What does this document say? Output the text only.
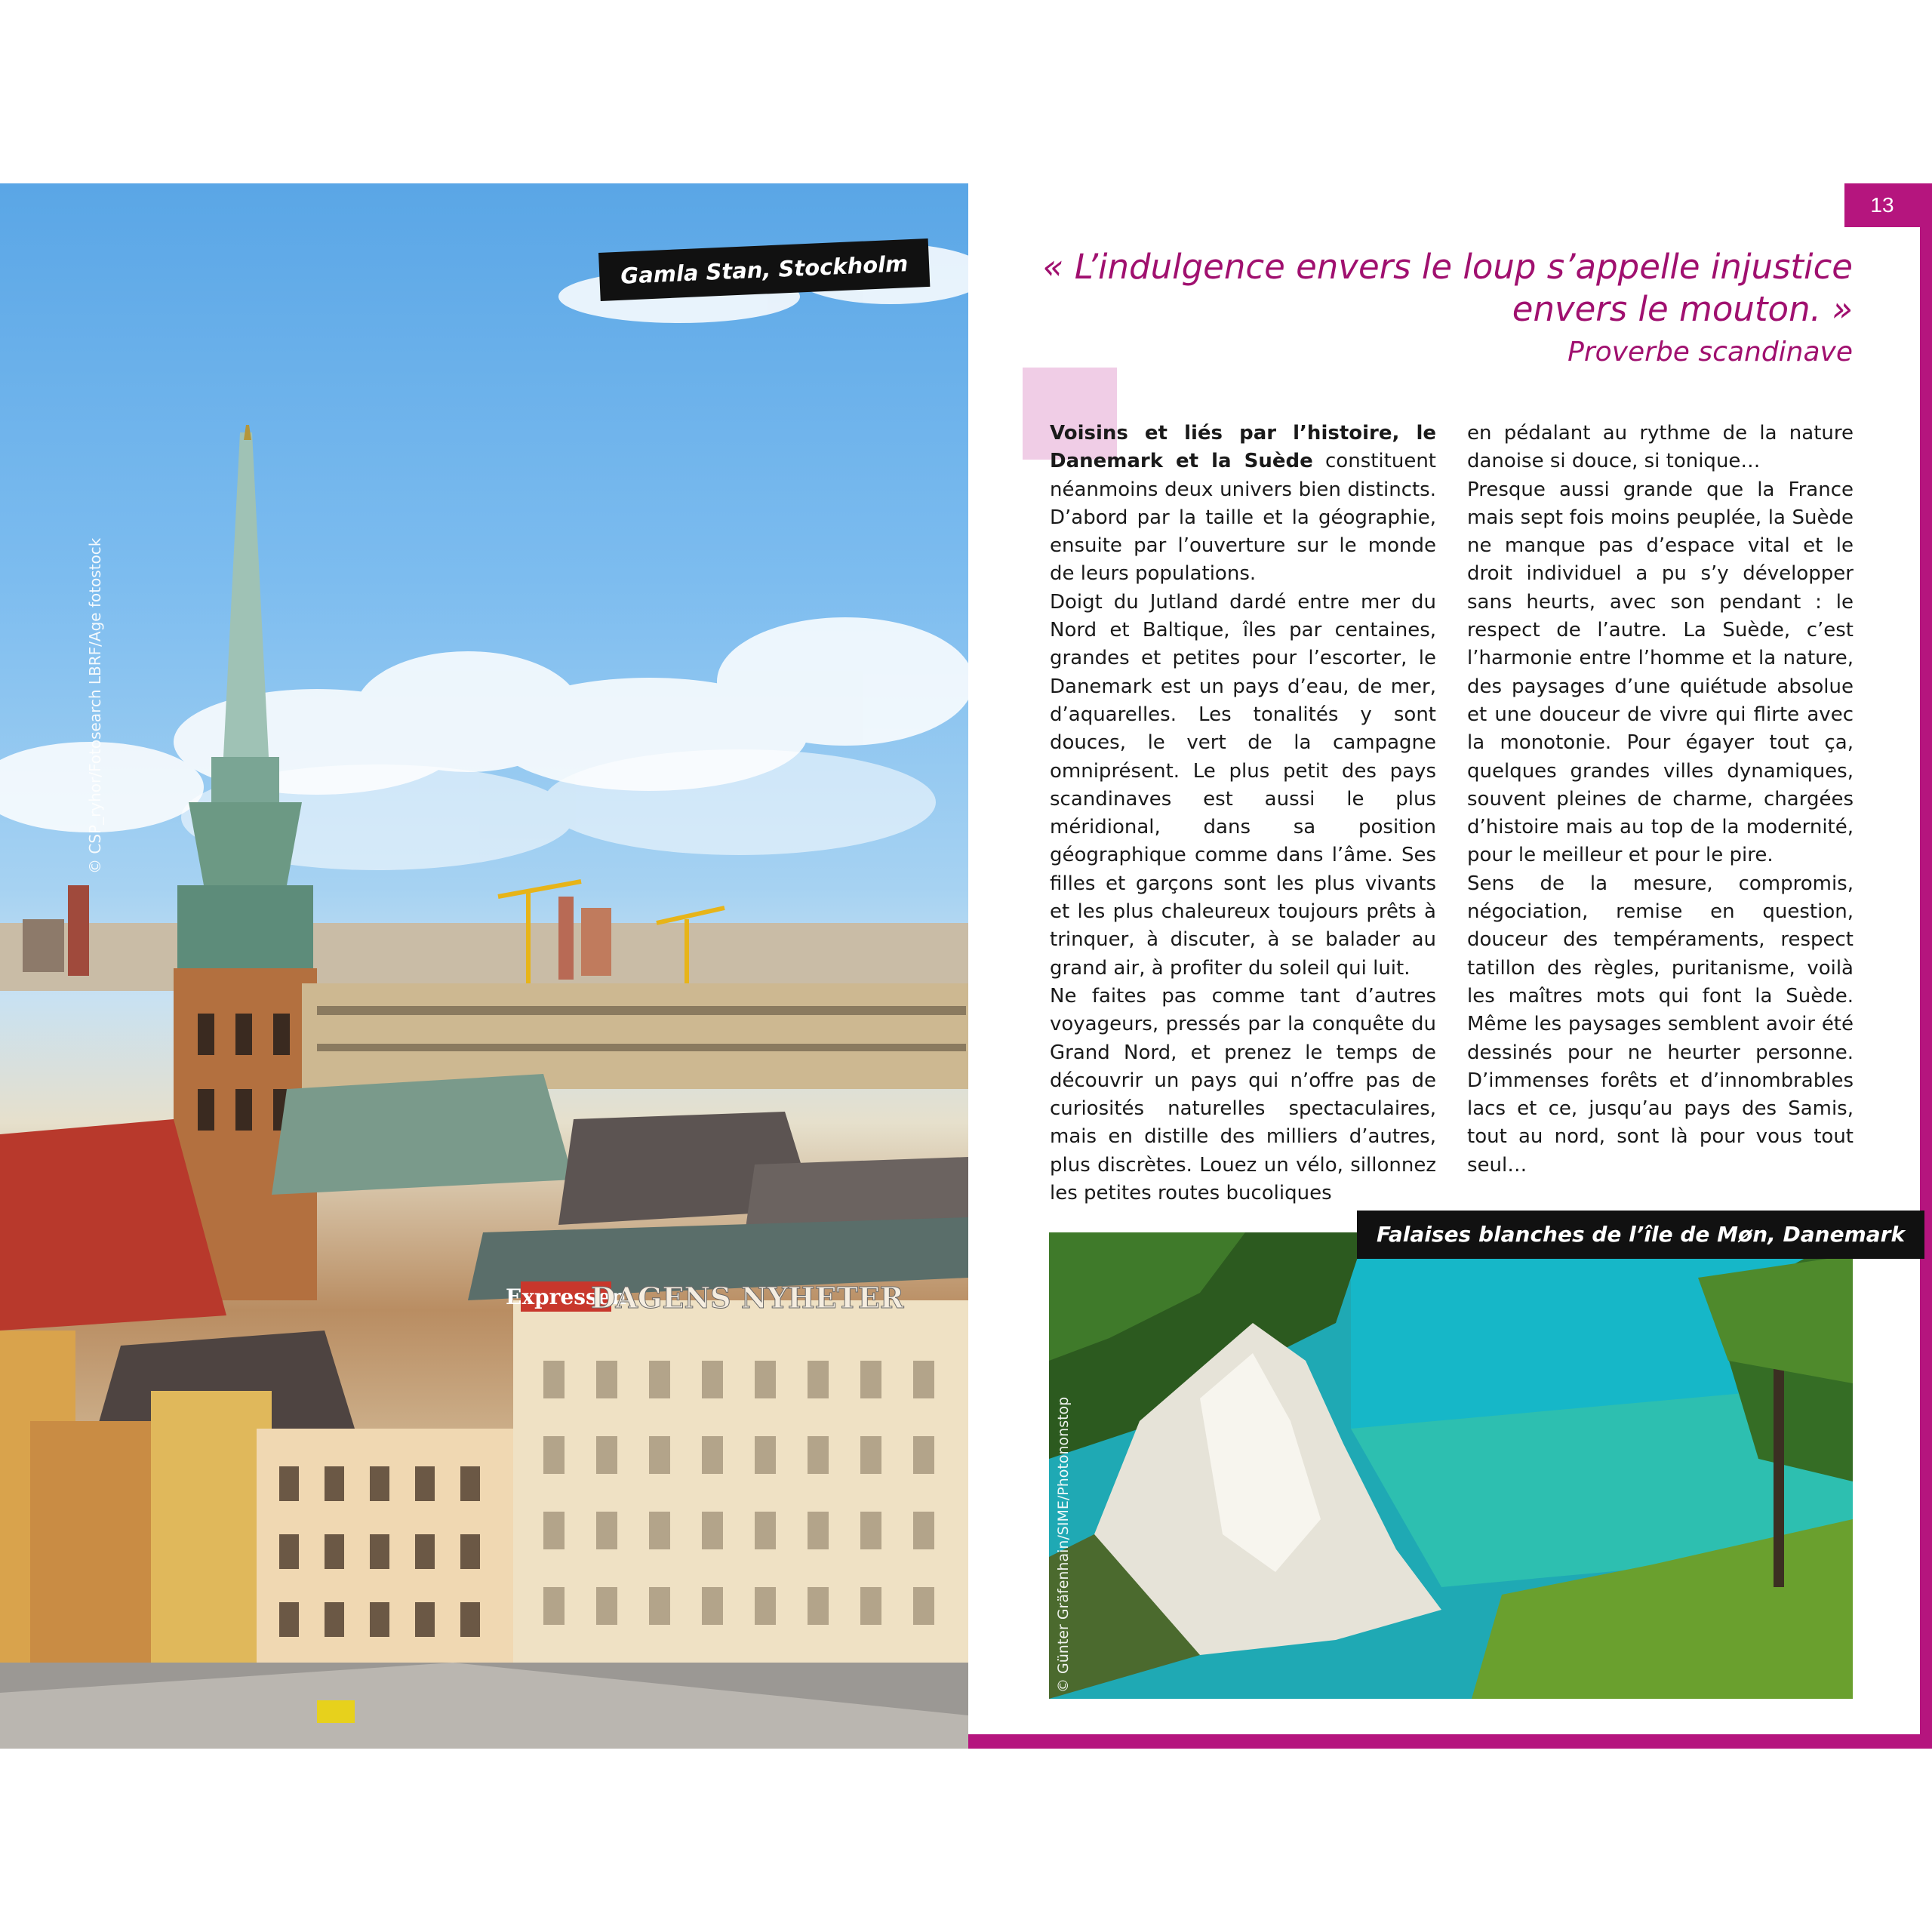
Expressen
DAGENS NYHETER
© CSP_ryhor/Fotosearch LBRF/Age fotostock
Gamla Stan, Stockholm
13
« L’indulgence envers le loup s’appelle injustice envers le mouton. »
Proverbe scandinave

Voisins et liés par l’histoire, le Danemark et la Suède constituent néanmoins deux univers bien distincts. D’abord par la taille et la géographie, ensuite par l’ouverture sur le monde de leurs populations.

Doigt du Jutland dardé entre mer du Nord et Baltique, îles par centaines, grandes et petites pour l’escorter, le Danemark est un pays d’eau, de mer, d’aquarelles. Les tonalités y sont douces, le vert de la campagne omniprésent. Le plus petit des pays scandinaves est aussi le plus méridional, dans sa position géographique comme dans l’âme. Ses filles et garçons sont les plus vivants et les plus chaleureux toujours prêts à trinquer, à discuter, à se balader au grand air, à profiter du soleil qui luit.

Ne faites pas comme tant d’autres voyageurs, pressés par la conquête du Grand Nord, et prenez le temps de découvrir un pays qui n’offre pas de curiosités naturelles spectaculaires, mais en distille des milliers d’autres, plus discrètes. Louez un vélo, sillonnez les petites routes bucoliques

en pédalant au rythme de la nature danoise si douce, si tonique…

Presque aussi grande que la France mais sept fois moins peuplée, la Suède ne manque pas d’espace vital et le droit individuel a pu s’y développer sans heurts, avec son pendant : le respect de l’autre. La Suède, c’est l’harmonie entre l’homme et la nature, des paysages d’une quiétude absolue et une douceur de vivre qui flirte avec la monotonie. Pour égayer tout ça, quelques grandes villes dynamiques, souvent pleines de charme, chargées d’histoire mais au top de la modernité, pour le meilleur et pour le pire.

Sens de la mesure, compromis, négociation, remise en question, douceur des tempéraments, respect tatillon des règles, puritanisme, voilà les maîtres mots qui font la Suède. Même les paysages semblent avoir été dessinés pour ne heurter personne. D’immenses forêts et d’innombrables lacs et ce, jusqu’au pays des Samis, tout au nord, sont là pour vous tout seul…

© Günter Gräfenhain/SIME/Photononstop
Falaises blanches de l’île de Møn, Danemark
